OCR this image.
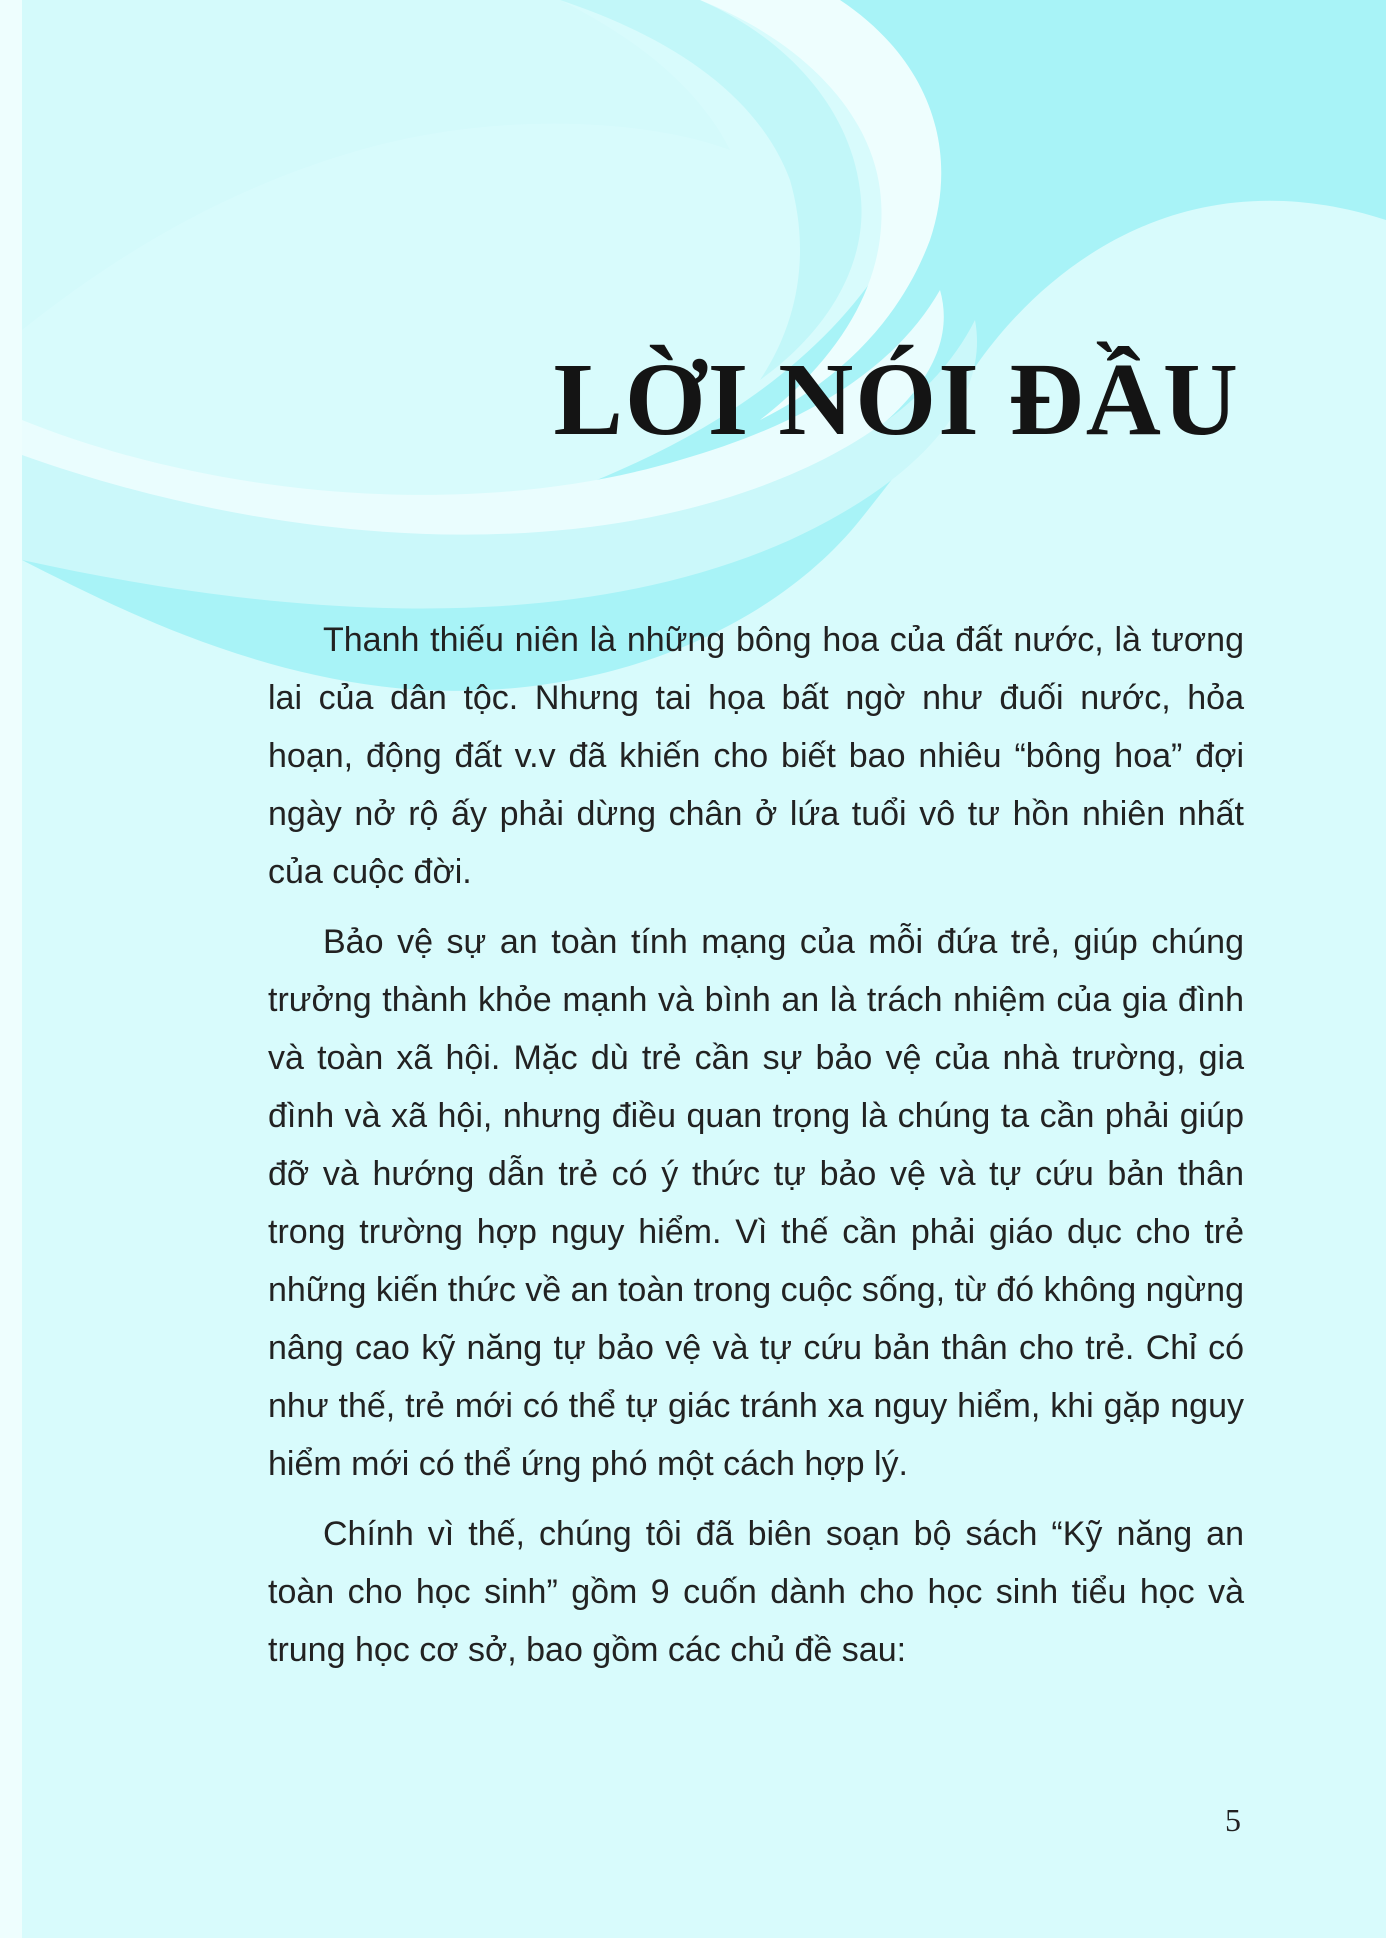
LỜI NÓI ĐẦU

Thanh thiếu niên là những bông hoa của đất nước, là tương lai của dân tộc. Nhưng tai họa bất ngờ như đuối nước, hỏa hoạn, động đất v.v đã khiến cho biết bao nhiêu “bông hoa” đợi ngày nở rộ ấy phải dừng chân ở lứa tuổi vô tư hồn nhiên nhất của cuộc đời.

Bảo vệ sự an toàn tính mạng của mỗi đứa trẻ, giúp chúng trưởng thành khỏe mạnh và bình an là trách nhiệm của gia đình và toàn xã hội. Mặc dù trẻ cần sự bảo vệ của nhà trường, gia đình và xã hội, nhưng điều quan trọng là chúng ta cần phải giúp đỡ và hướng dẫn trẻ có ý thức tự bảo vệ và tự cứu bản thân trong trường hợp nguy hiểm. Vì thế cần phải giáo dục cho trẻ những kiến thức về an toàn trong cuộc sống, từ đó không ngừng nâng cao kỹ năng tự bảo vệ và tự cứu bản thân cho trẻ. Chỉ có như thế, trẻ mới có thể tự giác tránh xa nguy hiểm, khi gặp nguy hiểm mới có thể ứng phó một cách hợp lý.

Chính vì thế, chúng tôi đã biên soạn bộ sách “Kỹ năng an toàn cho học sinh” gồm 9 cuốn dành cho học sinh tiểu học và trung học cơ sở, bao gồm các chủ đề sau:

5
